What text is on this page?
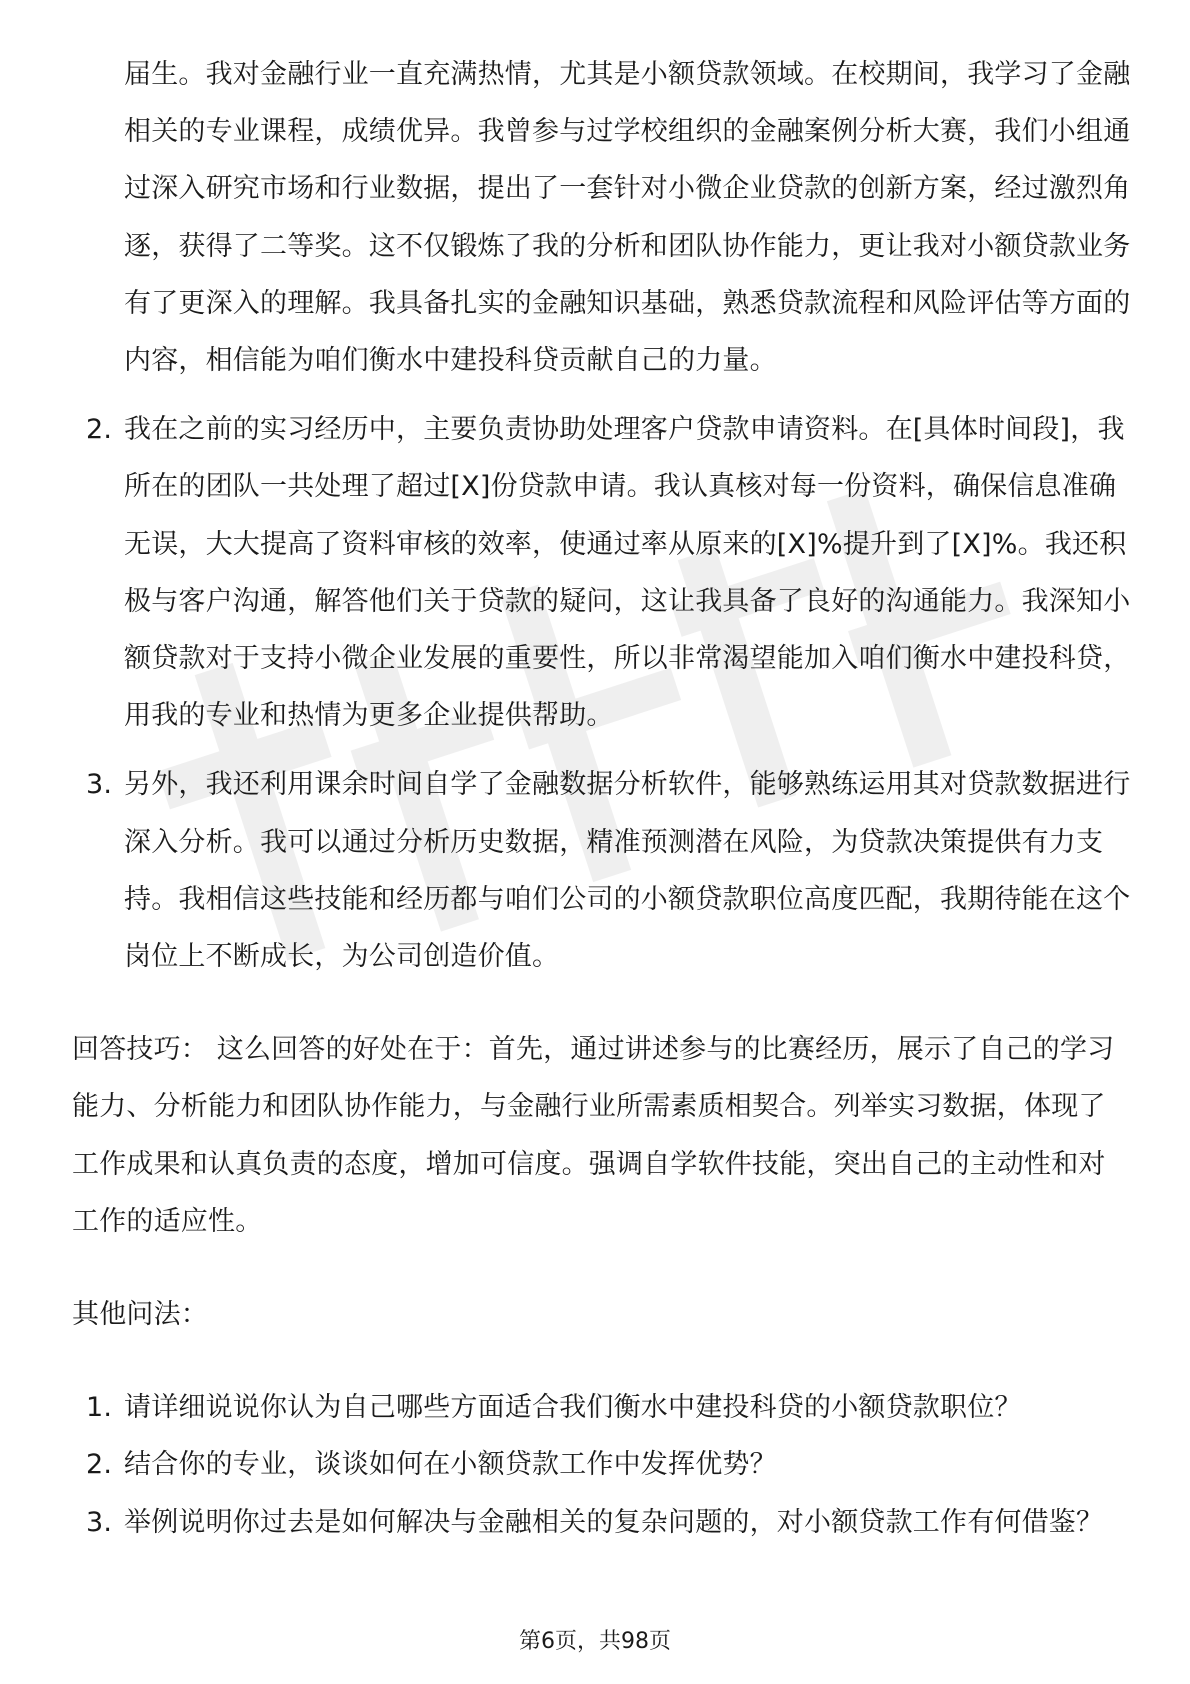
届生。我对金融行业一直充满热情，尤其是小额贷款领域。在校期间，我学习了金融相关的专业课程，成绩优异。我曾参与过学校组织的金融案例分析大赛，我们小组通过深入研究市场和行业数据，提出了一套针对小微企业贷款的创新方案，经过激烈角逐，获得了二等奖。这不仅锻炼了我的分析和团队协作能力，更让我对小额贷款业务有了更深入的理解。我具备扎实的金融知识基础，熟悉贷款流程和风险评估等方面的内容，相信能为咱们衡水中建投科贷贡献自己的力量。

2. 我在之前的实习经历中，主要负责协助处理客户贷款申请资料。在[具体时间段]，我所在的团队一共处理了超过[X]份贷款申请。我认真核对每一份资料，确保信息准确无误，大大提高了资料审核的效率，使通过率从原来的[X]%提升到了[X]%。我还积极与客户沟通，解答他们关于贷款的疑问，这让我具备了良好的沟通能力。我深知小额贷款对于支持小微企业发展的重要性，所以非常渴望能加入咱们衡水中建投科贷，用我的专业和热情为更多企业提供帮助。

3. 另外，我还利用课余时间自学了金融数据分析软件，能够熟练运用其对贷款数据进行深入分析。我可以通过分析历史数据，精准预测潜在风险，为贷款决策提供有力支持。我相信这些技能和经历都与咱们公司的小额贷款职位高度匹配，我期待能在这个岗位上不断成长，为公司创造价值。

回答技巧： 这么回答的好处在于：首先，通过讲述参与的比赛经历，展示了自己的学习能力、分析能力和团队协作能力，与金融行业所需素质相契合。列举实习数据，体现了工作成果和认真负责的态度，增加可信度。强调自学软件技能，突出自己的主动性和对工作的适应性。

其他问法：

1. 请详细说说你认为自己哪些方面适合我们衡水中建投科贷的小额贷款职位？

2. 结合你的专业，谈谈如何在小额贷款工作中发挥优势？

3. 举例说明你过去是如何解决与金融相关的复杂问题的，对小额贷款工作有何借鉴？

第6页，共98页
